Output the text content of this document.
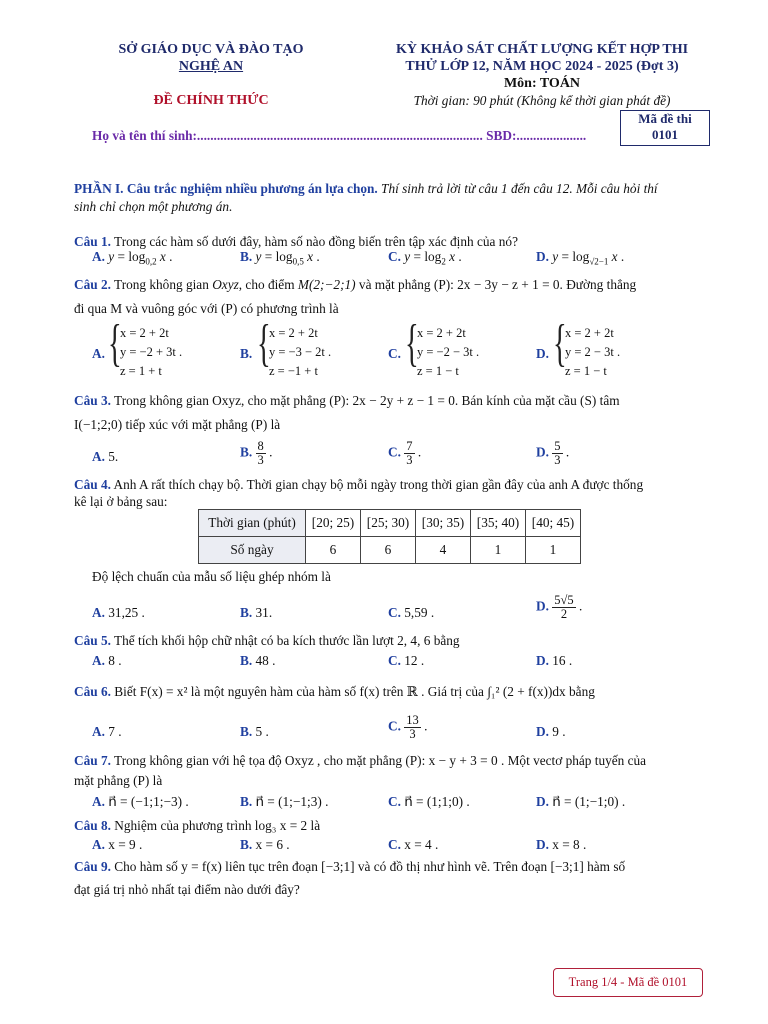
SỞ GIÁO DỤC VÀ ĐÀO TẠO
NGHỆ AN
ĐỀ CHÍNH THỨC
KỲ KHẢO SÁT CHẤT LƯỢNG KẾT HỢP THI
THỬ LỚP 12, NĂM HỌC 2024 - 2025 (Đợt 3)
Môn: TOÁN
Thời gian: 90 phút (Không kể thời gian phát đề)
Họ và tên thí sinh:...................................................................................... SBD:.....................
Mã đề thi
0101
PHẦN I. Câu trắc nghiệm nhiều phương án lựa chọn. Thí sinh trả lời từ câu 1 đến câu 12. Mỗi câu hỏi thí
sinh chỉ chọn một phương án.
Câu 1. Trong các hàm số dưới đây, hàm số nào đồng biến trên tập xác định của nó?
A. $y = \log_{0,2} x$ .	B. $y = \log_{0,5} x$ .	C. $y = \log_2 x$ .	D. $y = \log_{√2-1} x$ .
Câu 2. Trong không gian Oxyz, cho điểm M(2;−2;1) và mặt phẳng (P): 2x − 3y − z + 1 = 0. Đường thẳng
đi qua M và vuông góc với (P) có phương trình là
A. {
x = 2 + 2t
y = −2 + 3t .
z = 1 + t
B. {
x = 2 + 2t
y = −3 − 2t .
z = −1 + t
C. {
x = 2 + 2t
y = −2 − 3t .
z = 1 − t
D. {
x = 2 + 2t
y = 2 − 3t .
z = 1 − t
Câu 3. Trong không gian Oxyz, cho mặt phẳng (P): 2x − 2y + z − 1 = 0. Bán kính của mặt cầu (S) tâm
I(−1;2;0) tiếp xúc với mặt phẳng (P) là
A. 5.	B. $\frac{8}{3}$ .	C. $\frac{7}{3}$ .	D. $\frac{5}{3}$ .
Câu 4. Anh A rất thích chạy bộ. Thời gian chạy bộ mỗi ngày trong thời gian gần đây của anh A được thống
kê lại ở bảng sau:
Thời gian (phút)	[20; 25)	[25; 30)	[30; 35)	[35; 40)	[40; 45)
Số ngày	6	6	4	1	1
Độ lệch chuẩn của mẫu số liệu ghép nhóm là
A. 31,25 .	B. 31.	C. 5,59 .	D. $\frac{5√5}{2}$ .
Câu 5. Thể tích khối hộp chữ nhật có ba kích thước lần lượt 2, 4, 6 bằng
A. 8 .	B. 48 .	C. 12 .	D. 16 .
Câu 6. Biết F(x) = x² là một nguyên hàm của hàm số f(x) trên ℝ . Giá trị của ∫₁² (2 + f(x))dx bằng
A. 7 .	B. 5 .	C. $\frac{13}{3}$ .	D. 9 .
Câu 7. Trong không gian với hệ tọa độ Oxyz , cho mặt phẳng (P): x − y + 3 = 0 . Một vectơ pháp tuyến của
mặt phẳng (P) là
A. n⃗ = (−1;1;−3) .	B. n⃗ = (1;−1;3) .	C. n⃗ = (1;1;0) .	D. n⃗ = (1;−1;0) .
Câu 8. Nghiệm của phương trình log₃ x = 2 là
A. x = 9 .	B. x = 6 .	C. x = 4 .	D. x = 8 .
Câu 9. Cho hàm số y = f(x) liên tục trên đoạn [−3;1] và có đồ thị như hình vẽ. Trên đoạn [−3;1] hàm số
đạt giá trị nhỏ nhất tại điểm nào dưới đây?
Trang 1/4 - Mã đề 0101
